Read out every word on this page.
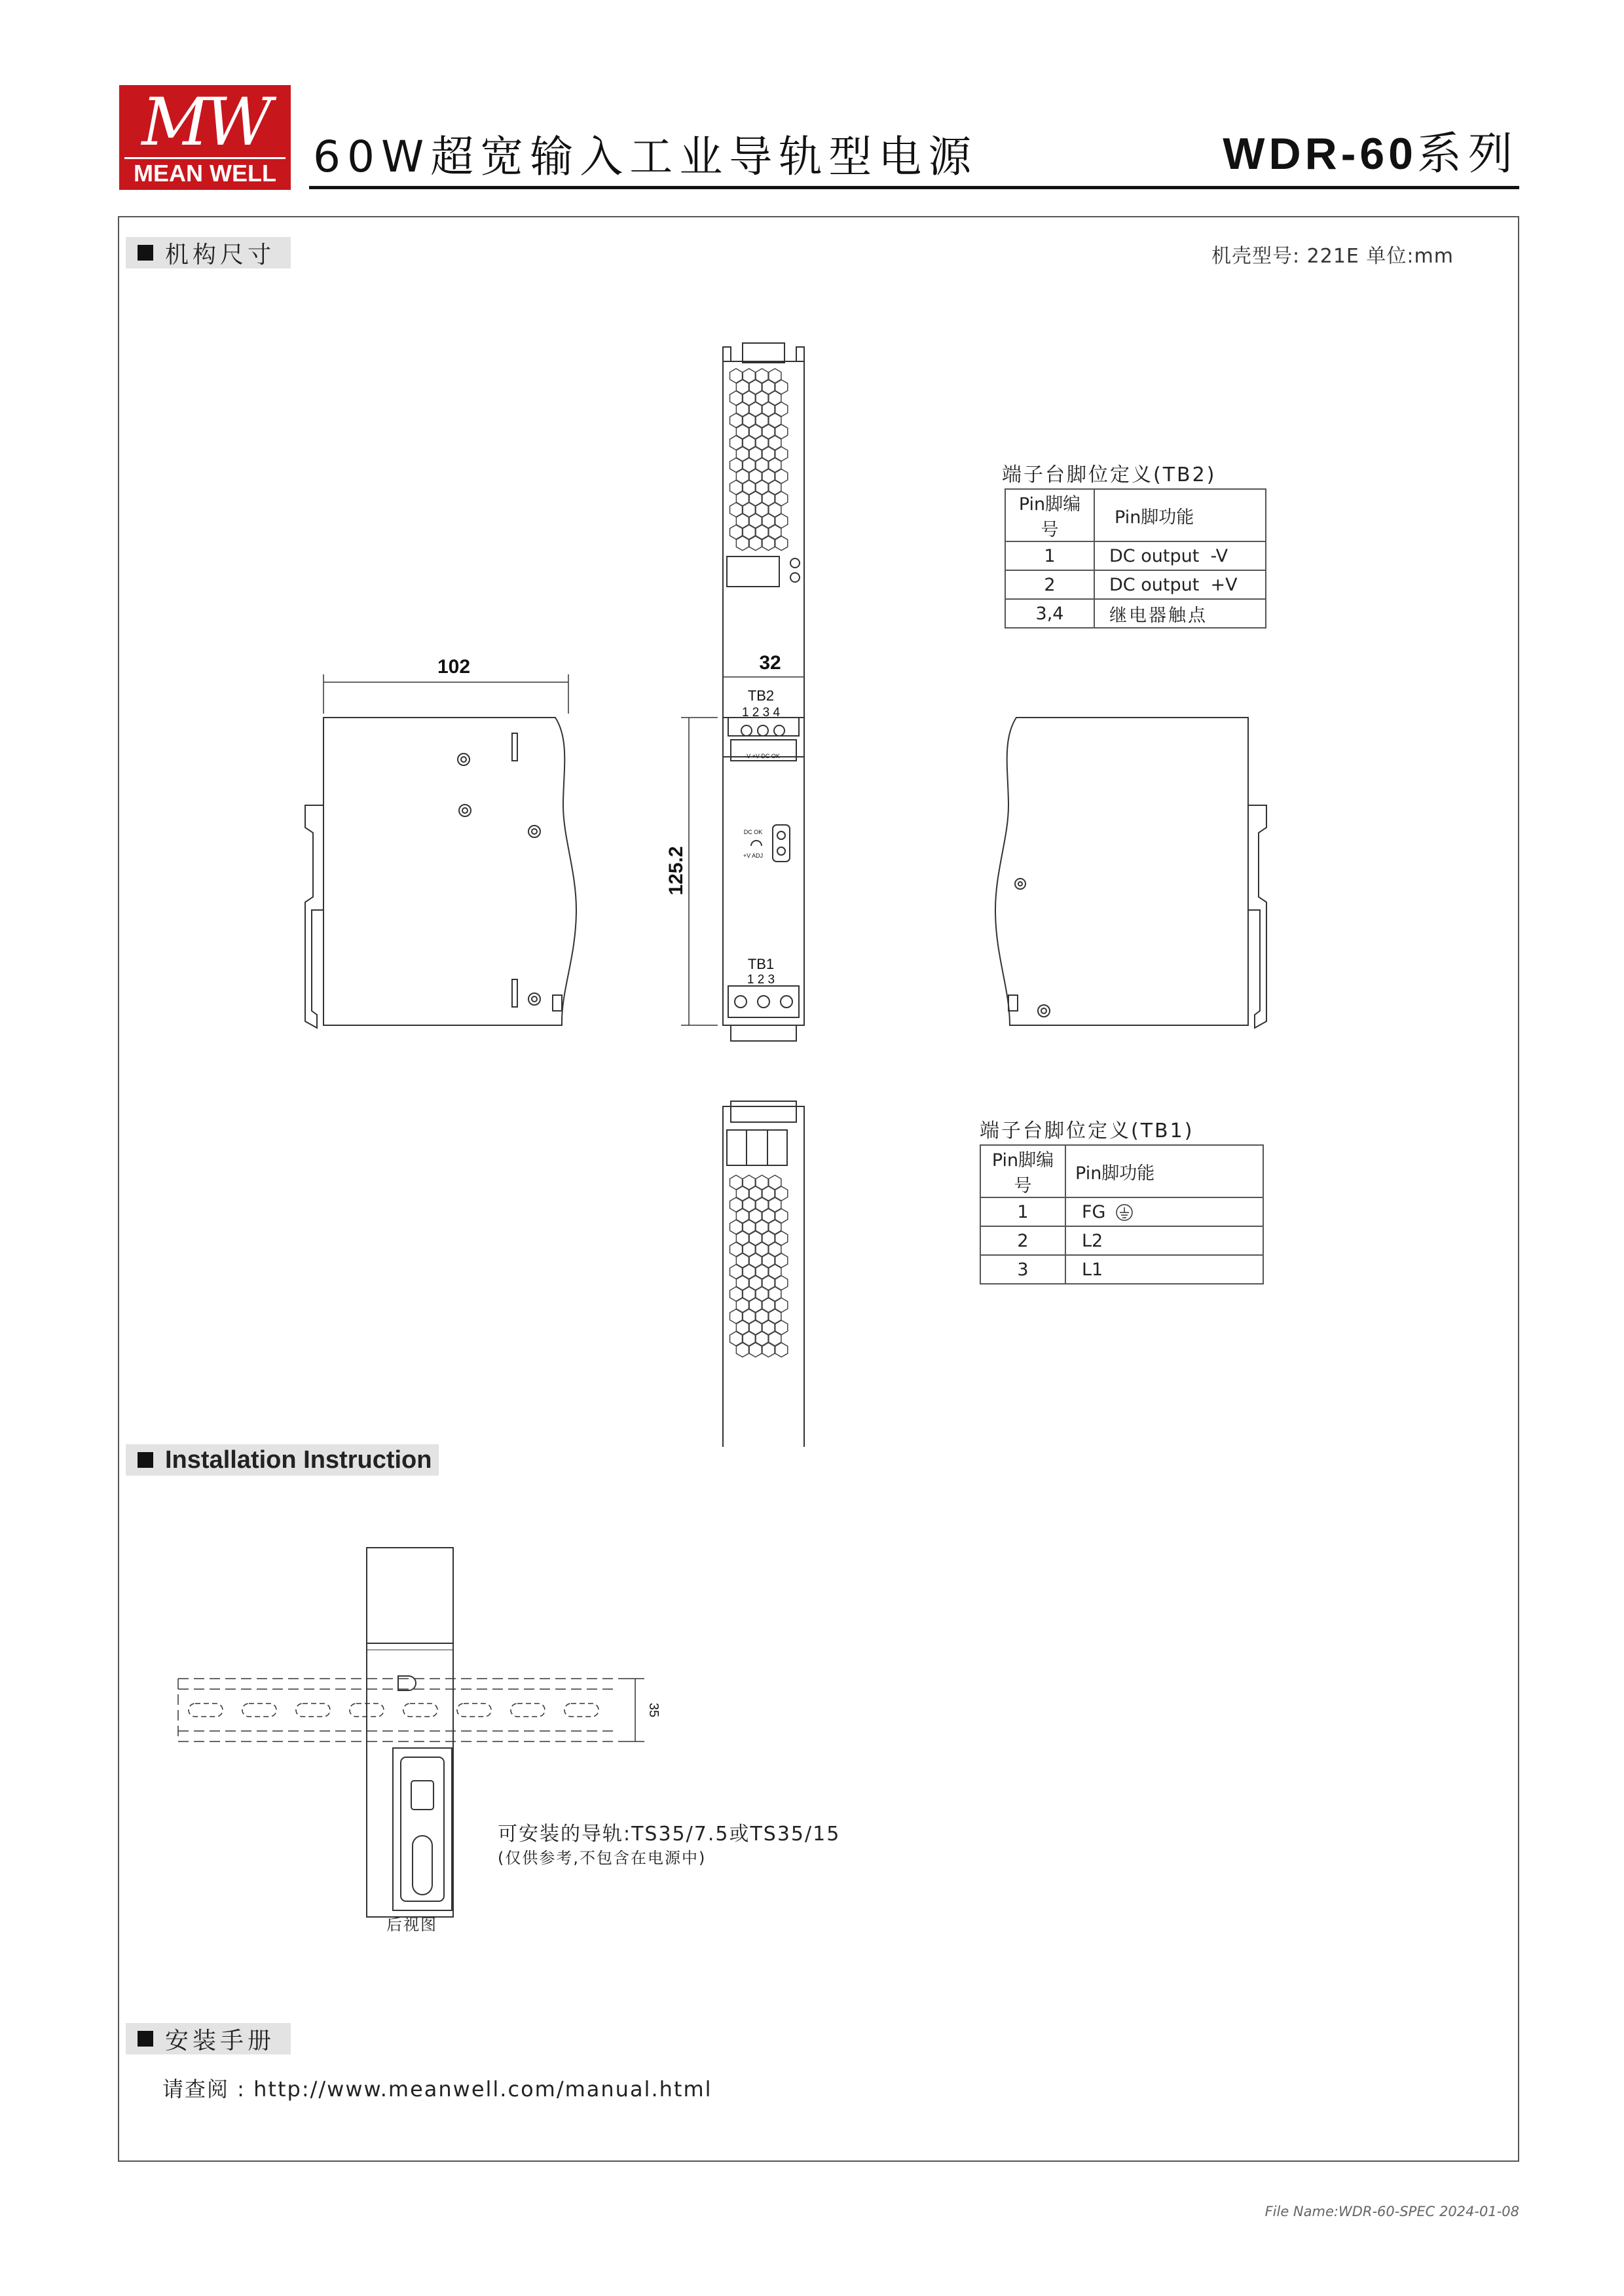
MW
MEAN WELL 60W超宽输入工业导轨型电源	WDR-60系列
机构尺寸	机壳型号: 221E 单位:mm
102	32
125.2
TB2
1 2 3 4
-V +V DC OK
DC OK
+V ADJ
TB1
1 2 3
端子台脚位定义(TB2)
Pin脚编号	Pin脚功能
1	DC output  -V
2	DC output  +V
3,4	继电器触点
端子台脚位定义(TB1)
Pin脚编号	Pin脚功能
1	FG
2	L2
3	L1
Installation Instruction
35
可安装的导轨:TS35/7.5或TS35/15
(仅供参考,不包含在电源中)
后视图
安装手册
请查阅 : http://www.meanwell.com/manual.html
File Name:WDR-60-SPEC 2024-01-08
